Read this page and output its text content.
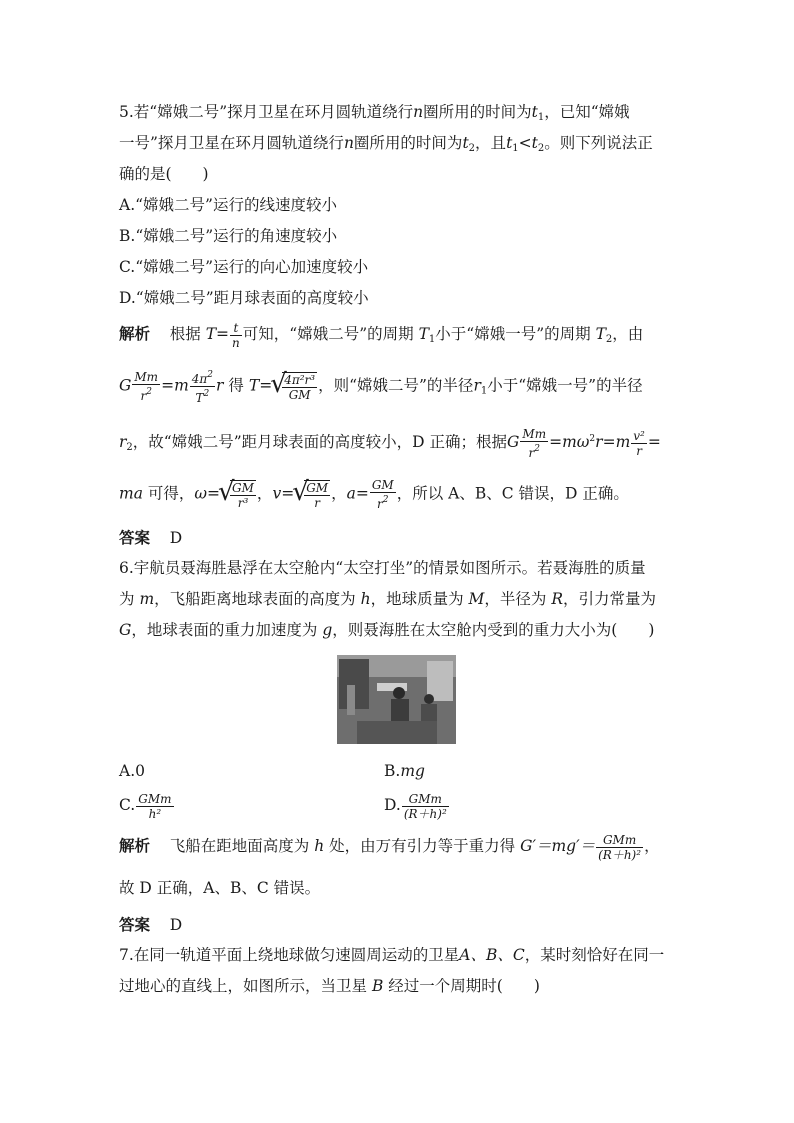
5.若“嫦娥二号”探月卫星在环月圆轨道绕行n圈所用的时间为$t_1$，已知“嫦娥
一号”探月卫星在环月圆轨道绕行n圈所用的时间为$t_2$，且$t_1<t_2$。则下列说法正
确的是(　　)
A.“嫦娥二号”运行的线速度较小
B.“嫦娥二号”运行的角速度较小
C.“嫦娥二号”运行的向心加速度较小
D.“嫦娥二号”距月球表面的高度较小
解析 根据 $T= \frac{t}{n}$ 可知，“嫦娥二号”的周期 $T_1$小于“嫦娥一号”的周期 $T_2$，由
G $\frac{Mm}{r^2} =m \frac{4\pi^2}{T^2}$ r 得 T= √ $\frac{\text{4π²r³}}{GM}$ ，则“嫦娥二号”的半径$r_1$小于“嫦娥一号”的半径
$r_2$，故“嫦娥二号”距月球表面的高度较小，D 正确；根据G $\frac{Mm}{r^2} =m\omega^2r=m \frac{\text{v²}}{r}$ =
ma 可得，ω= √ $\frac{GM}{\text{r³}}$ ，v= √ $\frac{GM}{r}$ ，$a= \frac{GM}{r^2}$ ，所以 A、B、C 错误，D 正确。
答案 D
6.宇航员聂海胜悬浮在太空舱内“太空打坐”的情景如图所示。若聂海胜的质量
为 m，飞船距离地球表面的高度为 h，地球质量为 M，半径为 R，引力常量为
G，地球表面的重力加速度为 g，则聂海胜在太空舱内受到的重力大小为(　　)
A.0	B.mg
C. $\frac{\text{GMm}}{\text{h²}}$	D. $\frac{\text{GMm}}{\text{(R＋h)²}}$
解析 飞船在距地面高度为 h 处，由万有引力等于重力得 $G'=mg'= \frac{\text{GMm}}{\text{(R＋h)²}}$ ，
故 D 正确，A、B、C 错误。
答案 D
7.在同一轨道平面上绕地球做匀速圆周运动的卫星A、B、C，某时刻恰好在同一
过地心的直线上，如图所示，当卫星 B 经过一个周期时(　　)
